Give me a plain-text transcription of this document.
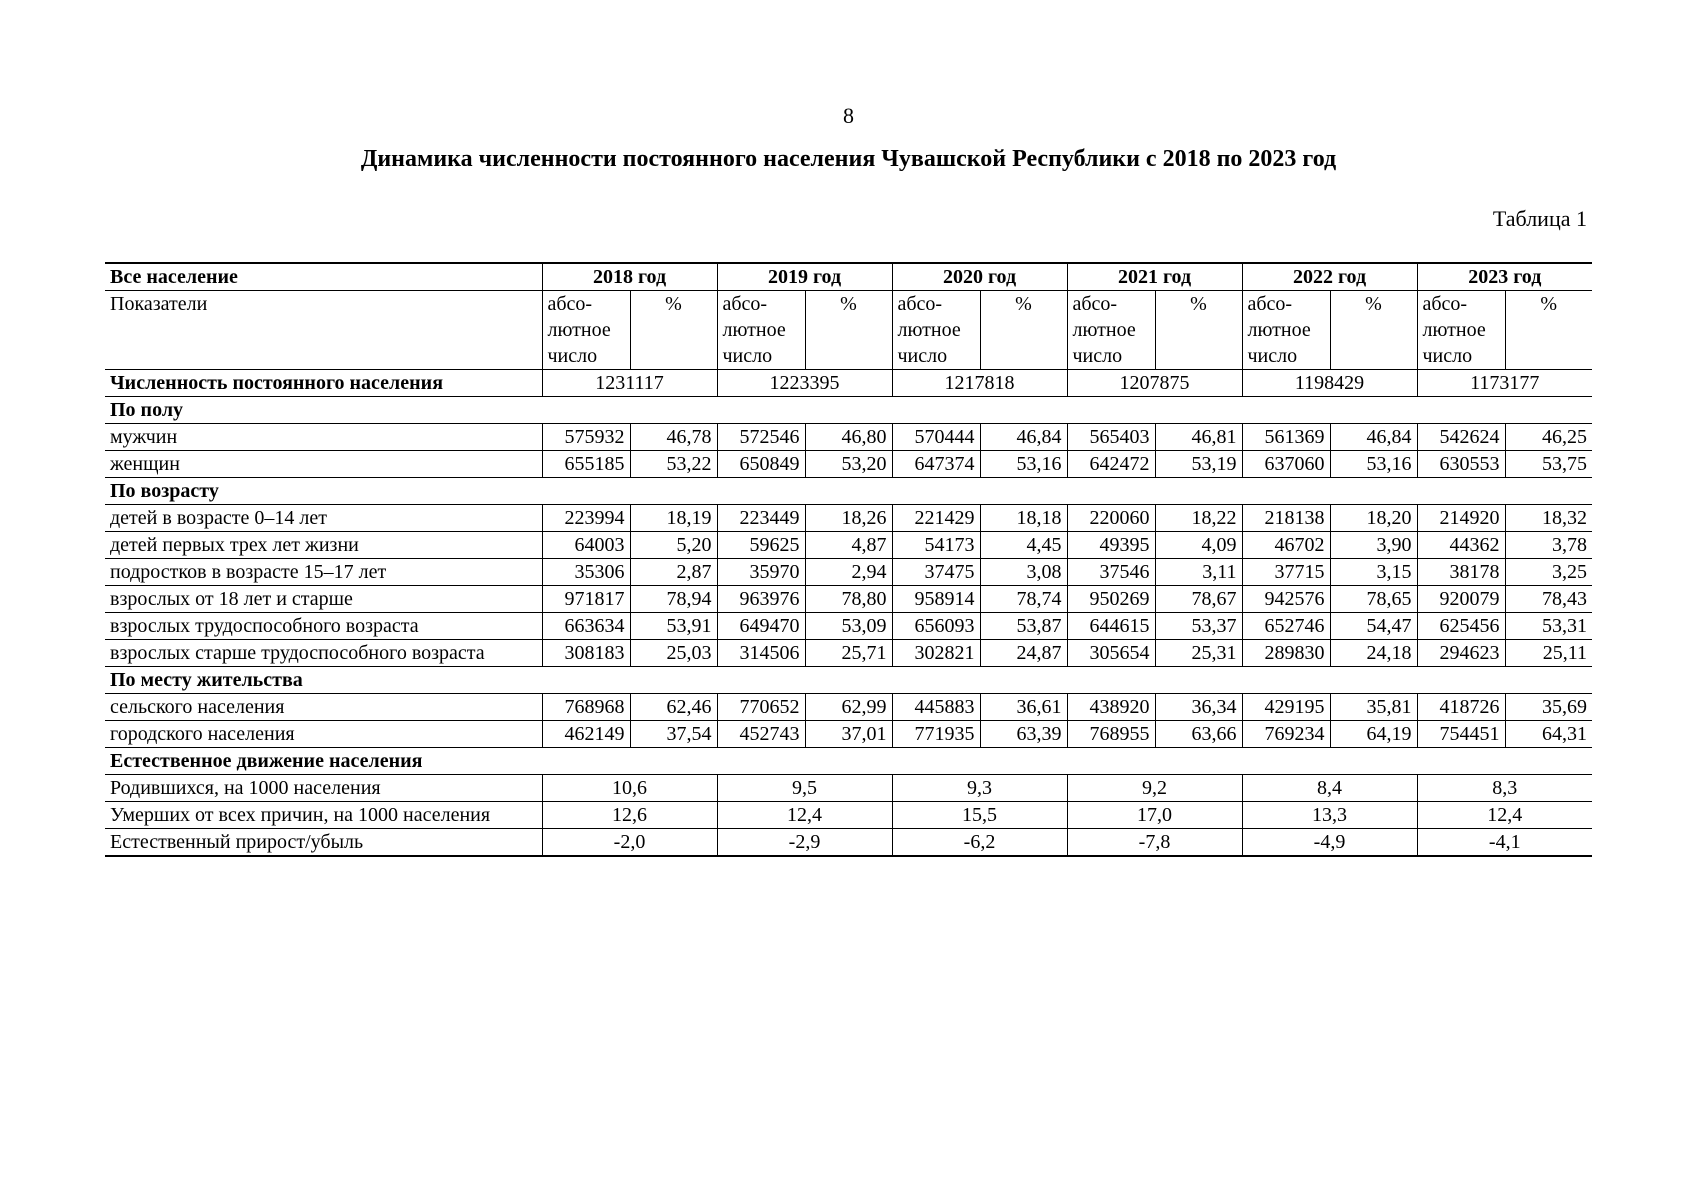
8
Динамика численности постоянного населения Чувашской Республики с 2018 по 2023 год
Таблица 1
Все население	2018 год		2019 год		2020 год		2021 год		2022 год		2023 год	
Показатели	абсо-лютное число	%	абсо-лютное число	%	абсо-лютное число	%	абсо-лютное число	%	абсо-лютное число	%	абсо-лютное число	%
Численность постоянного населения	1231117		1223395		1217818		1207875		1198429		1173177	
По полу												
мужчин	575932	46,78	572546	46,80	570444	46,84	565403	46,81	561369	46,84	542624	46,25
женщин	655185	53,22	650849	53,20	647374	53,16	642472	53,19	637060	53,16	630553	53,75
По возрасту												
детей в возрасте 0–14 лет	223994	18,19	223449	18,26	221429	18,18	220060	18,22	218138	18,20	214920	18,32
детей первых трех лет жизни	64003	5,20	59625	4,87	54173	4,45	49395	4,09	46702	3,90	44362	3,78
подростков в возрасте 15–17 лет	35306	2,87	35970	2,94	37475	3,08	37546	3,11	37715	3,15	38178	3,25
взрослых от 18 лет и старше	971817	78,94	963976	78,80	958914	78,74	950269	78,67	942576	78,65	920079	78,43
взрослых трудоспособного возраста	663634	53,91	649470	53,09	656093	53,87	644615	53,37	652746	54,47	625456	53,31
взрослых старше трудоспособного возраста	308183	25,03	314506	25,71	302821	24,87	305654	25,31	289830	24,18	294623	25,11
По месту жительства												
сельского населения	768968	62,46	770652	62,99	445883	36,61	438920	36,34	429195	35,81	418726	35,69
городского населения	462149	37,54	452743	37,01	771935	63,39	768955	63,66	769234	64,19	754451	64,31
Естественное движение населения												
Родившихся, на 1000 населения	10,6		9,5		9,3		9,2		8,4		8,3	
Умерших от всех причин, на 1000 населения	12,6		12,4		15,5		17,0		13,3		12,4	
Естественный прирост/убыль	-2,0		-2,9		-6,2		-7,8		-4,9		-4,1	
